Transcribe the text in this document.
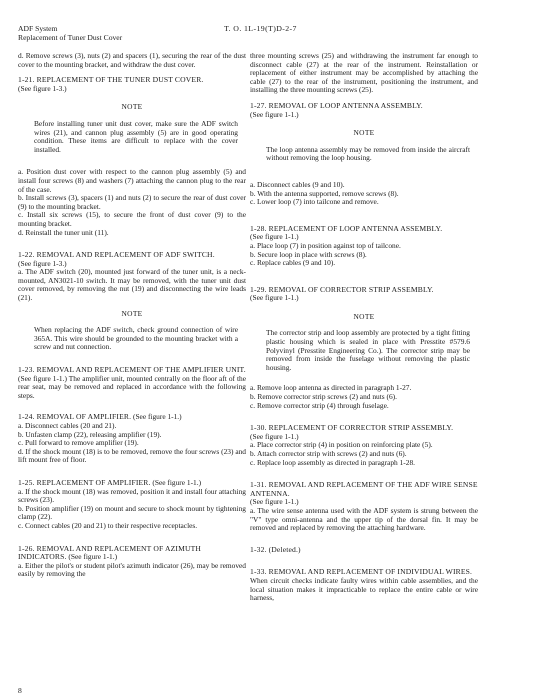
ADF System
Replacement of Tuner Dust Cover
T. O. 1L-19(T)D-2-7

d. Remove screws (3), nuts (2) and spacers (1), securing the rear of the dust cover to the mounting bracket, and withdraw the dust cover.

1-21. REPLACEMENT OF THE TUNER DUST COVER.
(See figure 1-3.)
NOTE
Before installing tuner unit dust cover, make sure the ADF switch wires (21), and cannon plug assembly (5) are in good operating condition. These items are difficult to replace with the cover installed.
a. Position dust cover with respect to the cannon plug assembly (5) and install four screws (8) and washers (7) attaching the cannon plug to the rear of the case.
b. Install screws (3), spacers (1) and nuts (2) to secure the rear of dust cover (9) to the mounting bracket.
c. Install six screws (15), to secure the front of dust cover (9) to the mounting bracket.
d. Reinstall the tuner unit (11).
1-22. REMOVAL AND REPLACEMENT OF ADF SWITCH.
(See figure 1-3.)

a. The ADF switch (20), mounted just forward of the tuner unit, is a neck-mounted, AN3021-10 switch. It may be removed, with the tuner unit dust cover removed, by removing the nut (19) and disconnecting the wire leads (21).

NOTE
When replacing the ADF switch, check ground connection of wire 365A. This wire should be grounded to the mounting bracket with a screw and nut connection.
1-23. REMOVAL AND REPLACEMENT OF THE AMPLIFIER UNIT.

(See figure 1-1.) The amplifier unit, mounted centrally on the floor aft of the rear seat, may be removed and replaced in accordance with the following steps.

1-24. REMOVAL OF AMPLIFIER. (See figure 1-1.)
a. Disconnect cables (20 and 21).
b. Unfasten clamp (22), releasing amplifier (19).
c. Pull forward to remove amplifier (19).
d. If the shock mount (18) is to be removed, remove the four screws (23) and lift mount free of floor.
1-25. REPLACEMENT OF AMPLIFIER. (See figure 1-1.)
a. If the shock mount (18) was removed, position it and install four attaching screws (23).
b. Position amplifier (19) on mount and secure to shock mount by tightening clamp (22).
c. Connect cables (20 and 21) to their respective receptacles.
1-26. REMOVAL AND REPLACEMENT OF AZIMUTH INDICATORS. (See figure 1-1.)

a. Either the pilot's or student pilot's azimuth indicator (26), may be removed easily by removing the

three mounting screws (25) and withdrawing the instrument far enough to disconnect cable (27) at the rear of the instrument. Reinstallation or replacement of either instrument may be accomplished by attaching the cable (27) to the rear of the instrument, positioning the instrument, and installing the three mounting screws (25).

1-27. REMOVAL OF LOOP ANTENNA ASSEMBLY.
(See figure 1-1.)
NOTE
The loop antenna assembly may be removed from inside the aircraft without removing the loop housing.
a. Disconnect cables (9 and 10).
b. With the antenna supported, remove screws (8).
c. Lower loop (7) into tailcone and remove.
1-28. REPLACEMENT OF LOOP ANTENNA ASSEMBLY.
(See figure 1-1.)
a. Place loop (7) in position against top of tailcone.
b. Secure loop in place with screws (8).
c. Replace cables (9 and 10).
1-29. REMOVAL OF CORRECTOR STRIP ASSEMBLY.
(See figure 1-1.)
NOTE
The corrector strip and loop assembly are protected by a tight fitting plastic housing which is sealed in place with Presstite #579.6 Polyvinyl (Presstite Engineering Co.). The corrector strip may be removed from inside the fuselage without removing the plastic housing.
a. Remove loop antenna as directed in paragraph 1-27.
b. Remove corrector strip screws (2) and nuts (6).
c. Remove corrector strip (4) through fuselage.
1-30. REPLACEMENT OF CORRECTOR STRIP ASSEMBLY.
(See figure 1-1.)
a. Place corrector strip (4) in position on reinforcing plate (5).
b. Attach corrector strip with screws (2) and nuts (6).
c. Replace loop assembly as directed in paragraph 1-28.
1-31. REMOVAL AND REPLACEMENT OF THE ADF WIRE SENSE ANTENNA.
(See figure 1-1.)

a. The wire sense antenna used with the ADF system is strung between the "V" type omni-antenna and the upper tip of the dorsal fin. It may be removed and replaced by removing the attaching hardware.

1-32. (Deleted.)
1-33. REMOVAL AND REPLACEMENT OF INDIVIDUAL WIRES.

When circuit checks indicate faulty wires within cable assemblies, and the local situation makes it impracticable to replace the entire cable or wire harness,

8
